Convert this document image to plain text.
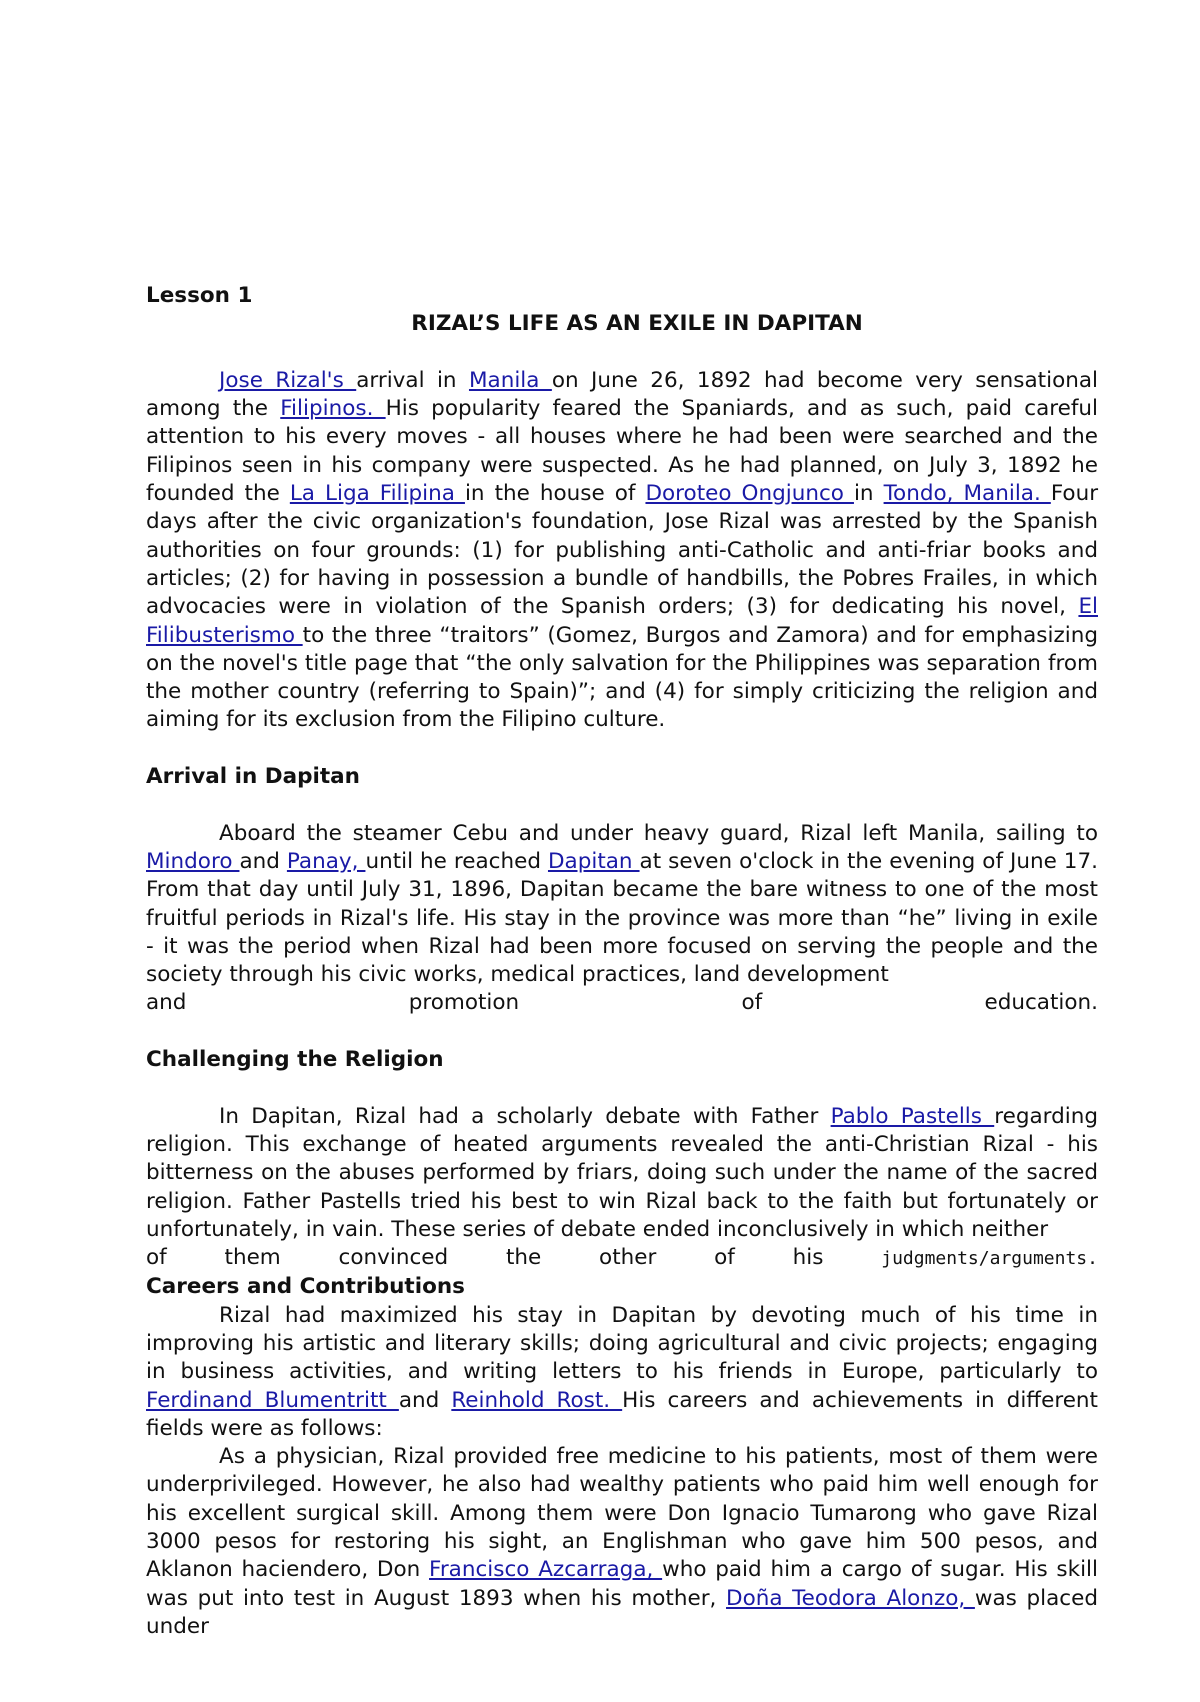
Lesson 1

RIZAL’S LIFE AS AN EXILE IN DAPITAN

Jose Rizal's arrival in Manila on June 26, 1892 had become very sensational among the Filipinos. His popularity feared the Spaniards, and as such, paid careful attention to his every moves - all houses where he had been were searched and the Filipinos seen in his company were suspected. As he had planned, on July 3, 1892 he founded the La Liga Filipina in the house of Doroteo Ongjunco in Tondo, Manila. Four days after the civic organization's foundation, Jose Rizal was arrested by the Spanish authorities on four grounds: (1) for publishing anti-Catholic and anti-friar books and articles; (2) for having in possession a bundle of handbills, the Pobres Frailes, in which advocacies were in violation of the Spanish orders; (3) for dedicating his novel, El Filibusterismo to the three “traitors” (Gomez, Burgos and Zamora) and for emphasizing on the novel's title page that “the only salvation for the Philippines was separation from the mother country (referring to Spain)”; and (4) for simply criticizing the religion and aiming for its exclusion from the Filipino culture.

Arrival in Dapitan

Aboard the steamer Cebu and under heavy guard, Rizal left Manila, sailing to Mindoro and Panay, until he reached Dapitan at seven o'clock in the evening of June 17. From that day until July 31, 1896, Dapitan became the bare witness to one of the most fruitful periods in Rizal's life. His stay in the province was more than “he” living in exile - it was the period when Rizal had been more focused on serving the people and the society through his civic works, medical practices, land development

and promotion of education.

Challenging the Religion

In Dapitan, Rizal had a scholarly debate with Father Pablo Pastells regarding religion. This exchange of heated arguments revealed the anti-Christian Rizal - his bitterness on the abuses performed by friars, doing such under the name of the sacred religion. Father Pastells tried his best to win Rizal back to the faith but fortunately or unfortunately, in vain. These series of debate ended inconclusively in which neither

of them convinced the other of his	judgments/arguments.

Careers and Contributions

Rizal had maximized his stay in Dapitan by devoting much of his time in improving his artistic and literary skills; doing agricultural and civic projects; engaging in business activities, and writing letters to his friends in Europe, particularly to Ferdinand Blumentritt and Reinhold Rost. His careers and achievements in different fields were as follows:

As a physician, Rizal provided free medicine to his patients, most of them were underprivileged. However, he also had wealthy patients who paid him well enough for his excellent surgical skill. Among them were Don Ignacio Tumarong who gave Rizal 3000 pesos for restoring his sight, an Englishman who gave him 500 pesos, and Aklanon haciendero, Don Francisco Azcarraga, who paid him a cargo of sugar. His skill was put into test in August 1893 when his mother, Doña Teodora Alonzo, was placed under
